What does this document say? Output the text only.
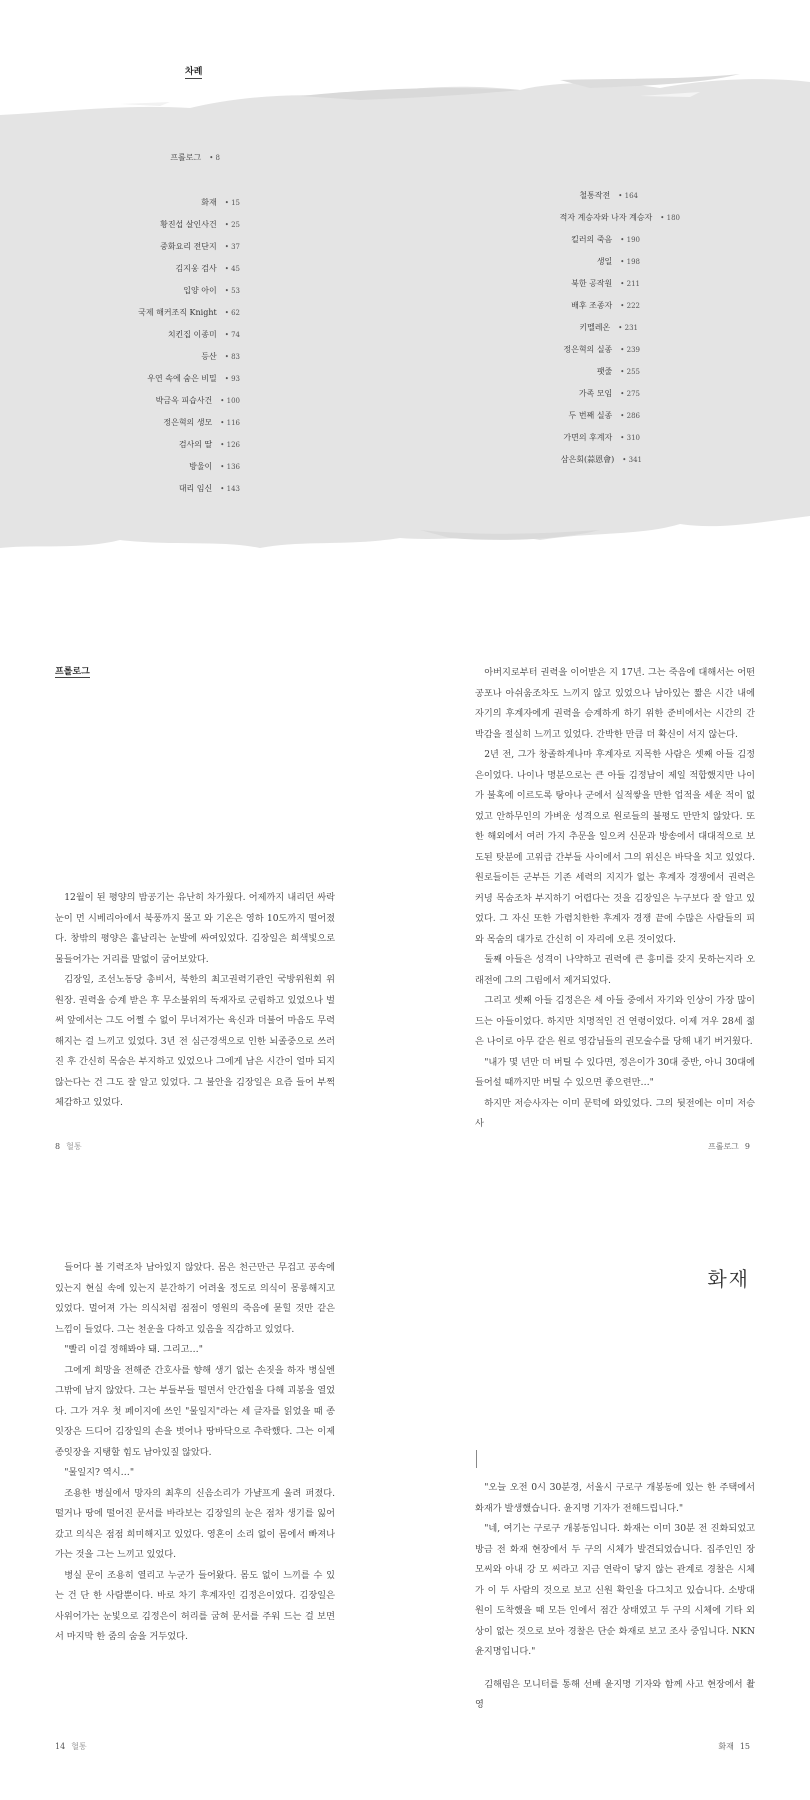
차례
프롤로그 • 8
화재 • 15
황진섭 살인사건 • 25
중화요리 전단지 • 37
김지웅 검사 • 45
입양 아이 • 53
국제 해커조직 Knight • 62
치킨집 이종미 • 74
등산 • 83
우연 속에 숨은 비밀 • 93
박금옥 피습사건 • 100
정은혁의 생모 • 116
검사의 딸 • 126
방울이 • 136
대리 임신 • 143
철통작전 • 164
적자 계승자와 나자 계승자 • 180
킬러의 죽음 • 190
생일 • 198
북한 공작원 • 211
배후 조종자 • 222
키멜레온 • 231
정은혁의 실종 • 239
팻줄 • 255
가족 모임 • 275
두 번째 실종 • 286
가면의 후계자 • 310
삼은회(蒜恩會) • 341
프롤로그

12월이 된 평양의 밤공기는 유난히 차가웠다. 어제까지 내리던 싸락눈이 먼 시베리아에서 북풍까지 몰고 와 기온은 영하 10도까지 떨어졌다. 창밖의 평양은 흩날리는 눈발에 싸여있었다. 김장일은 희색빛으로 물들어가는 거리를 말없이 굽어보았다.

김장일, 조선노동당 총비서, 북한의 최고권력기관인 국방위원회 위원장. 권력을 승계 받은 후 무소불위의 독재자로 군림하고 있었으나 벌써 앞에서는 그도 어쩔 수 없이 무너져가는 육신과 더불어 마음도 무력해지는 걸 느끼고 있었다. 3년 전 심근경색으로 인한 뇌졸중으로 쓰러진 후 간신히 목숨은 부지하고 있었으나 그에게 남은 시간이 얼마 되지 않는다는 건 그도 잘 알고 있었다. 그 불안을 김장일은 요즘 들어 부쩍 체감하고 있었다.

아버지로부터 권력을 이어받은 지 17년. 그는 죽음에 대해서는 어떤 공포나 아쉬움조차도 느끼지 않고 있었으나 남아있는 짧은 시간 내에 자기의 후계자에게 권력을 승계하게 하기 위한 준비에서는 시간의 간박감을 절실히 느끼고 있었다. 간박한 만큼 더 확신이 서지 않는다.

2년 전, 그가 창졸하게나마 후계자로 지목한 사람은 셋째 아들 김정은이었다. 나이나 명분으로는 큰 아들 김정남이 제일 적합했지만 나이가 불혹에 이르도록 탕아나 군에서 실적쌓을 만한 업적을 세운 적이 없었고 안하무인의 가벼운 성격으로 원로들의 불평도 만만치 않았다. 또한 해외에서 여러 가지 추문을 일으켜 신문과 방송에서 대대적으로 보도된 탓분에 고위급 간부들 사이에서 그의 위신은 바닥을 치고 있었다. 원로들이든 군부든 기존 세력의 지지가 없는 후계자 경쟁에서 권력은커녕 목숨조차 부지하기 어렵다는 것을 김장일은 누구보다 잘 알고 있었다. 그 자신 또한 가렴치한한 후계자 경쟁 끝에 수많은 사람들의 피와 목숨의 대가로 간신히 이 자리에 오른 것이었다.

둘째 아들은 성격이 나약하고 권력에 큰 흥미를 갖지 못하는지라 오래전에 그의 그림에서 제거되었다.

그리고 셋째 아들 김정은은 세 아들 중에서 자기와 인상이 가장 많이 드는 아들이었다. 하지만 치명적인 건 연령이었다. 이제 겨우 28세 젊은 나이로 아무 같은 원로 영감님들의 권모술수를 당해 내기 버거웠다.

"내가 몇 년만 더 버틸 수 있다면, 정은이가 30대 중반, 아니 30대에 들어설 때까지만 버틸 수 있으면 좋으련만…"

하지만 저승사자는 이미 문턱에 와있었다. 그의 뒷전에는 이미 저승사

8 혈통	프롤로그 9

들어다 볼 기력조차 남아있지 않았다. 몸은 천근만근 무겁고 공속에 있는지 현실 속에 있는지 분간하기 어려울 정도로 의식이 몽롱해지고 있었다. 멀어져 가는 의식처럼 점점이 영원의 죽음에 묻힐 것만 같은 느낌이 들었다. 그는 천운을 다하고 있음을 직감하고 있었다.

"빨리 이걸 정해봐야 돼. 그리고…"

그에게 희망을 전해준 간호사를 향해 생기 없는 손짓을 하자 병실엔 그밖에 남지 않았다. 그는 부들부들 떨면서 안간힘을 다해 괴봉을 열었다. 그가 겨우 첫 페이지에 쓰인 "물일지"라는 세 글자를 읽었을 때 종잇장은 드디어 김장일의 손을 벗어나 땅바닥으로 추락했다. 그는 이제 종잇장을 지탱할 힘도 남아있질 않았다.

"물일지? 역시…"

조용한 병실에서 망자의 최후의 신음소리가 가냘프게 울려 퍼졌다. 떨거나 땅에 떨어진 문서를 바라보는 김장일의 눈은 점차 생기를 잃어갔고 의식은 점점 희미해지고 있었다. 영혼이 소리 없이 몸에서 빠져나가는 것을 그는 느끼고 있었다.

병실 문이 조용히 열리고 누군가 들어왔다. 몸도 없이 느끼를 수 있는 건 단 한 사람뿐이다. 바로 차기 후계자인 김정은이었다. 김장일은 사위어가는 눈빛으로 김정은이 허리를 굽혀 문서를 주워 드는 걸 보면서 마지막 한 줌의 숨을 거두었다.

화재

"오늘 오전 0시 30분경, 서울시 구로구 개봉동에 있는 한 주택에서 화재가 발생했습니다. 윤지명 기자가 전해드립니다."

"네, 여기는 구로구 개봉동입니다. 화재는 이미 30분 전 진화되었고 방금 전 화재 현장에서 두 구의 시체가 발견되었습니다. 집주인인 장 모씨와 아내 강 모 씨라고 지금 연락이 닿지 않는 관계로 경찰은 시체가 이 두 사람의 것으로 보고 신원 확인을 다그치고 있습니다. 소방대원이 도착했을 때 모든 인에서 점간 상태였고 두 구의 시체에 기타 외상이 없는 것으로 보아 경찰은 단순 화재로 보고 조사 중입니다. NKN 윤지명입니다."

김해림은 모니터를 통해 선배 윤지명 기자와 함께 사고 현장에서 촬영

14 혈통	화재 15
